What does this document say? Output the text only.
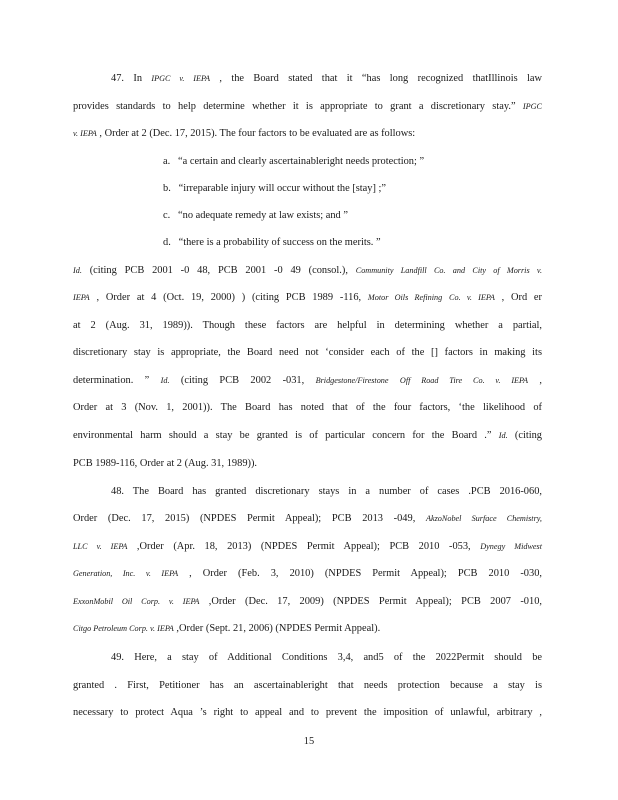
47. In IPGC v. IEPA , the Board stated that it “has long recognized thatIllinois law
provides standards to help determine whether it is appropriate to grant a discretionary stay.” IPGC
v. IEPA , Order at 2 (Dec. 17, 2015). The four factors to be evaluated are as follows:
a. “a certain and clearly ascertainableright needs protection; ”
b. “irreparable injury will occur without the [stay] ;”
c. “no adequate remedy at law exists; and ”
d. “there is a probability of success on the merits. ”
Id. (citing PCB 2001 -0 48, PCB 2001 -0 49 (consol.), Community Landfill Co. and City of Morris v.
IEPA , Order at 4 (Oct. 19, 2000) ) (citing PCB 1989 -116, Motor Oils Refining Co. v. IEPA , Ord er
at 2 (Aug. 31, 1989)). Though these factors are helpful in determining whether a partial,
discretionary stay is appropriate, the Board need not ‘consider each of the [] factors in making its
determination. ” Id. (citing PCB 2002 -031, Bridgestone/Firestone Off Road Tire Co. v. IEPA ,
Order at 3 (Nov. 1, 2001)). The Board has noted that of the four factors, ‘the likelihood of
environmental harm should a stay be granted is of particular concern for the Board .” Id. (citing
PCB 1989-116, Order at 2 (Aug. 31, 1989)).
48. The Board has granted discretionary stays in a number of cases .PCB 2016-060,
Order (Dec. 17, 2015) (NPDES Permit Appeal); PCB 2013 -049, AkzoNobel Surface Chemistry,
LLC v. IEPA ,Order (Apr. 18, 2013) (NPDES Permit Appeal); PCB 2010 -053, Dynegy Midwest
Generation, Inc. v. IEPA , Order (Feb. 3, 2010) (NPDES Permit Appeal); PCB 2010 -030,
ExxonMobil Oil Corp. v. IEPA ,Order (Dec. 17, 2009) (NPDES Permit Appeal); PCB 2007 -010,
Citgo Petroleum Corp. v. IEPA ,Order (Sept. 21, 2006) (NPDES Permit Appeal).
49. Here, a stay of Additional Conditions 3,4, and5 of the 2022Permit should be
granted . First, Petitioner has an ascertainableright that needs protection because a stay is
necessary to protect Aqua ’s right to appeal and to prevent the imposition of unlawful, arbitrary ,
15
